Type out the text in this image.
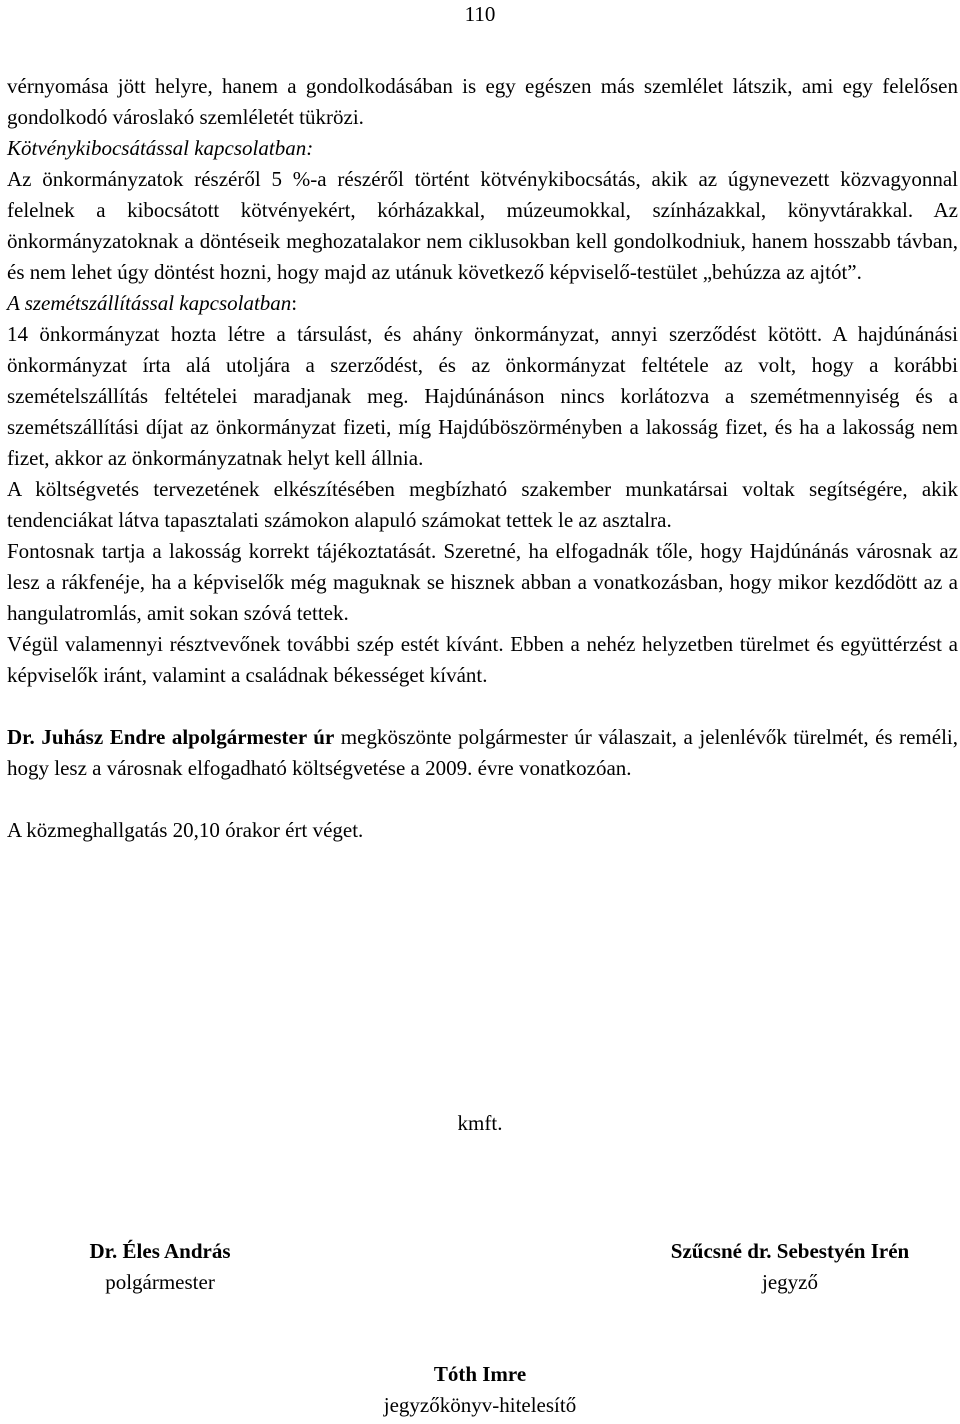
110

vérnyomása jött helyre, hanem a gondolkodásában is egy egészen más szemlélet látszik, ami egy felelősen gondolkodó városlakó szemléletét tükrözi.

Kötvénykibocsátással kapcsolatban:

Az önkormányzatok részéről 5 %-a részéről történt kötvénykibocsátás, akik az úgynevezett közvagyonnal felelnek a kibocsátott kötvényekért, kórházakkal, múzeumokkal, színházakkal, könyvtárakkal. Az önkormányzatoknak a döntéseik meghozatalakor nem ciklusokban kell gondolkodniuk, hanem hosszabb távban, és nem lehet úgy döntést hozni, hogy majd az utánuk következő képviselő-testület „behúzza az ajtót”.

A szemétszállítással kapcsolatban:

14 önkormányzat hozta létre a társulást, és ahány önkormányzat, annyi szerződést kötött. A hajdúnánási önkormányzat írta alá utoljára a szerződést, és az önkormányzat feltétele az volt, hogy a korábbi szemételszállítás feltételei maradjanak meg. Hajdúnánáson nincs korlátozva a szemétmennyiség és a szemétszállítási díjat az önkormányzat fizeti, míg Hajdúböszörményben a lakosság fizet, és ha a lakosság nem fizet, akkor az önkormányzatnak helyt kell állnia.

A költségvetés tervezetének elkészítésében megbízható szakember munkatársai voltak segítségére, akik tendenciákat látva tapasztalati számokon alapuló számokat tettek le az asztalra.

Fontosnak tartja a lakosság korrekt tájékoztatását. Szeretné, ha elfogadnák tőle, hogy Hajdúnánás városnak az lesz a rákfenéje, ha a képviselők még maguknak se hisznek abban a vonatkozásban, hogy mikor kezdődött az a hangulatromlás, amit sokan szóvá tettek.

Végül valamennyi résztvevőnek további szép estét kívánt. Ebben a nehéz helyzetben türelmet és együttérzést a képviselők iránt, valamint a családnak békességet kívánt.

Dr. Juhász Endre alpolgármester úr megköszönte polgármester úr válaszait, a jelenlévők türelmét, és reméli, hogy lesz a városnak elfogadható költségvetése a 2009. évre vonatkozóan.

A közmeghallgatás 20,10 órakor ért véget.

kmft.
Dr. Éles András
polgármester
Szűcsné dr. Sebestyén Irén
jegyző
Tóth Imre
jegyzőkönyv-hitelesítő
